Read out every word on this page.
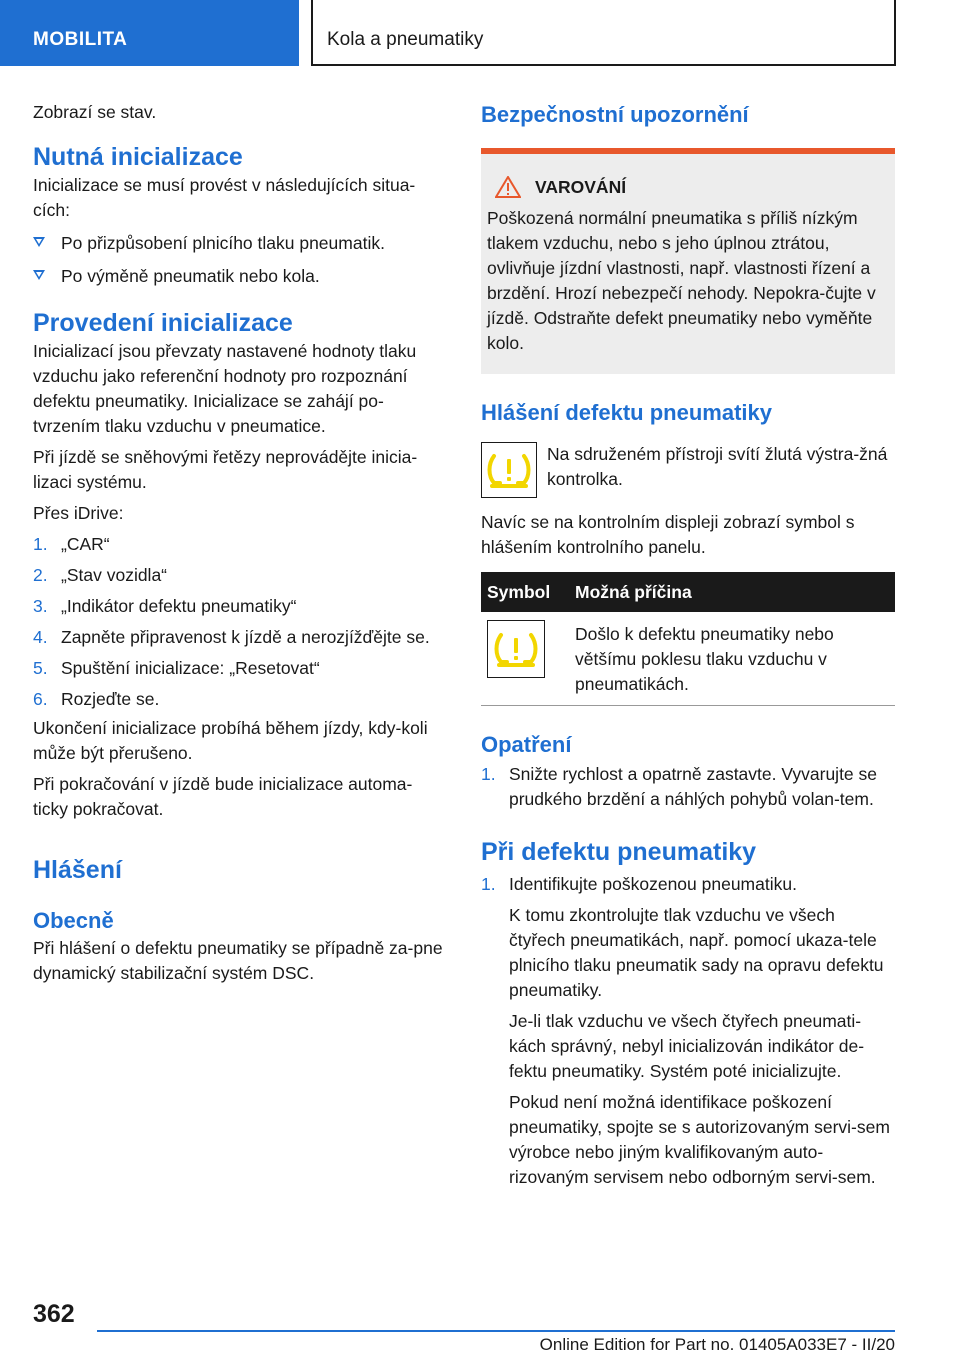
MOBILITA	Kola a pneumatiky

Zobrazí se stav.

Nutná inicializace

Inicializace se musí provést v následujících situa-cích:

Po přizpůsobení plnicího tlaku pneumatik.
Po výměně pneumatik nebo kola.
Provedení inicializace

Inicializací jsou převzaty nastavené hodnoty tlaku vzduchu jako referenční hodnoty pro rozpoznání defektu pneumatiky. Inicializace se zahájí po-tvrzením tlaku vzduchu v pneumatice.

Při jízdě se sněhovými řetězy neprovádějte inicia-lizaci systému.

Přes iDrive:

1. „CAR“
2. „Stav vozidla“
3. „Indikátor defektu pneumatiky“
4. Zapněte připravenost k jízdě a nerozjížďějte se.
5. Spuštění inicializace: „Resetovat“
6. Rozjeďte se.

Ukončení inicializace probíhá během jízdy, kdy-koli může být přerušeno.

Při pokračování v jízdě bude inicializace automa-ticky pokračovat.

Hlášení
Obecně

Při hlášení o defektu pneumatiky se případně za-pne dynamický stabilizační systém DSC.

Bezpečnostní upozornění
VAROVÁNÍ

Poškozená normální pneumatika s příliš nízkým tlakem vzduchu, nebo s jeho úplnou ztrátou, ovlivňuje jízdní vlastnosti, např. vlastnosti řízení a brzdění. Hrozí nebezpečí nehody. Nepokra-čujte v jízdě. Odstraňte defekt pneumatiky nebo vyměňte kolo.

Hlášení defektu pneumatiky

Na sdruženém přístroji svítí žlutá výstra-žná kontrolka.

Navíc se na kontrolním displeji zobrazí symbol s hlášením kontrolního panelu.

Symbol	Možná příčina

	Došlo k defektu pneumatiky nebo většímu poklesu tlaku vzduchu v pneumatikách.
Opatření
1. Snižte rychlost a opatrně zastavte. Vyvarujte se prudkého brzdění a náhlých pohybů volan-tem.
Při defektu pneumatiky
1. Identifikujte poškozenou pneumatiku.

K tomu zkontrolujte tlak vzduchu ve všech čtyřech pneumatikách, např. pomocí ukaza-tele plnicího tlaku pneumatik sady na opravu defektu pneumatiky.

Je-li tlak vzduchu ve všech čtyřech pneumati-kách správný, nebyl inicializován indikátor de-fektu pneumatiky. Systém poté inicializujte.

Pokud není možná identifikace poškození pneumatiky, spojte se s autorizovaným servi-sem výrobce nebo jiným kvalifikovaným auto-rizovaným servisem nebo odborným servi-sem.

362
Online Edition for Part no. 01405A033E7 - II/20
